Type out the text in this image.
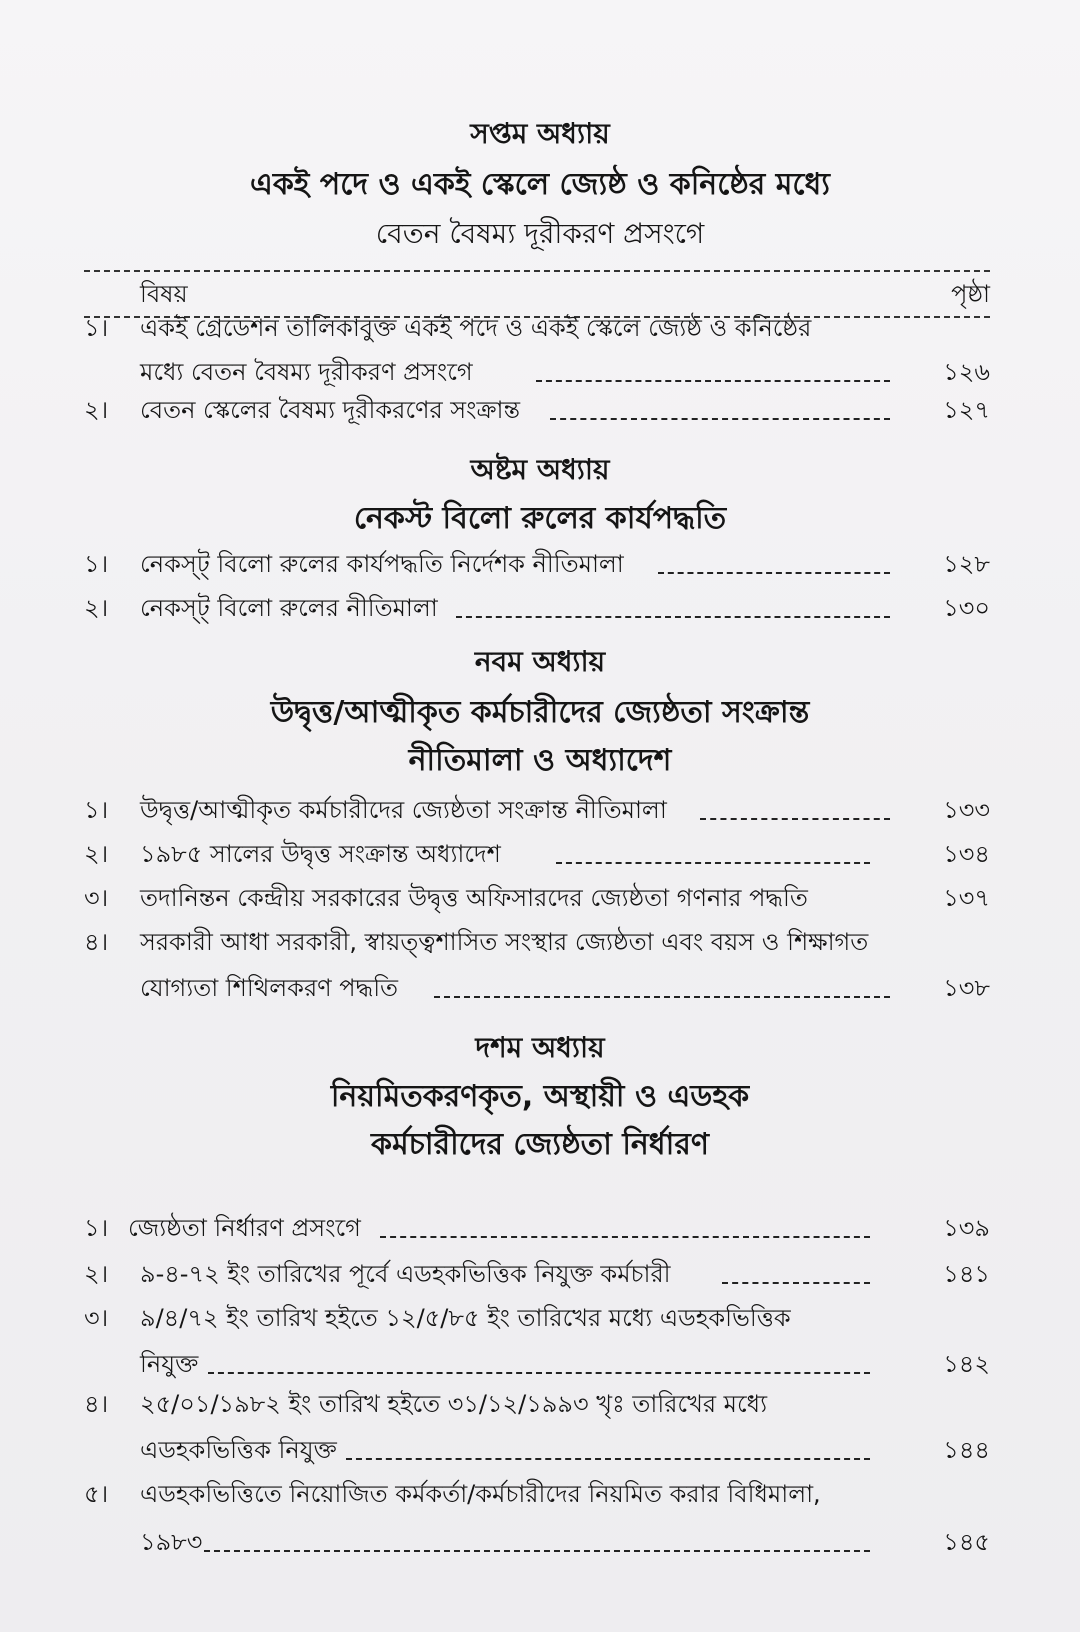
সপ্তম অধ্যায়
একই পদে ও একই স্কেলে জ্যেষ্ঠ ও কনিষ্ঠের মধ্যে
বেতন বৈষম্য দূরীকরণ প্রসংগে
বিষয়	পৃষ্ঠা
১। একই গ্রেডেশন তালিকাবুক্ত একই পদে ও একই স্কেলে জ্যেষ্ঠ ও কনিষ্ঠের
মধ্যে বেতন বৈষম্য দূরীকরণ প্রসংগে	১২৬
২। বেতন স্কেলের বৈষম্য দূরীকরণের সংক্রান্ত	১২৭
অষ্টম অধ্যায়
নেকস্ট বিলো রুলের কার্যপদ্ধতি
১। নেকস্ট্ বিলো রুলের কার্যপদ্ধতি নির্দেশক নীতিমালা	১২৮
২। নেকস্ট্ বিলো রুলের নীতিমালা	১৩০
নবম অধ্যায়
উদ্বৃত্ত/আত্মীকৃত কর্মচারীদের জ্যেষ্ঠতা সংক্রান্ত
নীতিমালা ও অধ্যাদেশ
১। উদ্বৃত্ত/আত্মীকৃত কর্মচারীদের জ্যেষ্ঠতা সংক্রান্ত নীতিমালা	১৩৩
২। ১৯৮৫ সালের উদ্বৃত্ত সংক্রান্ত অধ্যাদেশ	১৩৪
৩। তদানিন্তন কেন্দ্রীয় সরকারের উদ্বৃত্ত অফিসারদের জ্যেষ্ঠতা গণনার পদ্ধতি	১৩৭
৪। সরকারী আধা সরকারী, স্বায়ত্ত্বশাসিত সংস্থার জ্যেষ্ঠতা এবং বয়স ও শিক্ষাগত
যোগ্যতা শিথিলকরণ পদ্ধতি	১৩৮
দশম অধ্যায়
নিয়মিতকরণকৃত, অস্থায়ী ও এডহক
কর্মচারীদের জ্যেষ্ঠতা নির্ধারণ
১। জ্যেষ্ঠতা নির্ধারণ প্রসংগে	১৩৯
২। ৯-৪-৭২ ইং তারিখের পূর্বে এডহকভিত্তিক নিযুক্ত কর্মচারী	১৪১
৩। ৯/৪/৭২ ইং তারিখ হইতে ১২/৫/৮৫ ইং তারিখের মধ্যে এডহকভিত্তিক
নিযুক্ত	১৪২
৪। ২৫/০১/১৯৮২ ইং তারিখ হইতে ৩১/১২/১৯৯৩ খৃঃ তারিখের মধ্যে
এডহকভিত্তিক নিযুক্ত	১৪৪
৫। এডহকভিত্তিতে নিয়োজিত কর্মকর্তা/কর্মচারীদের নিয়মিত করার বিধিমালা,
১৯৮৩	১৪৫
